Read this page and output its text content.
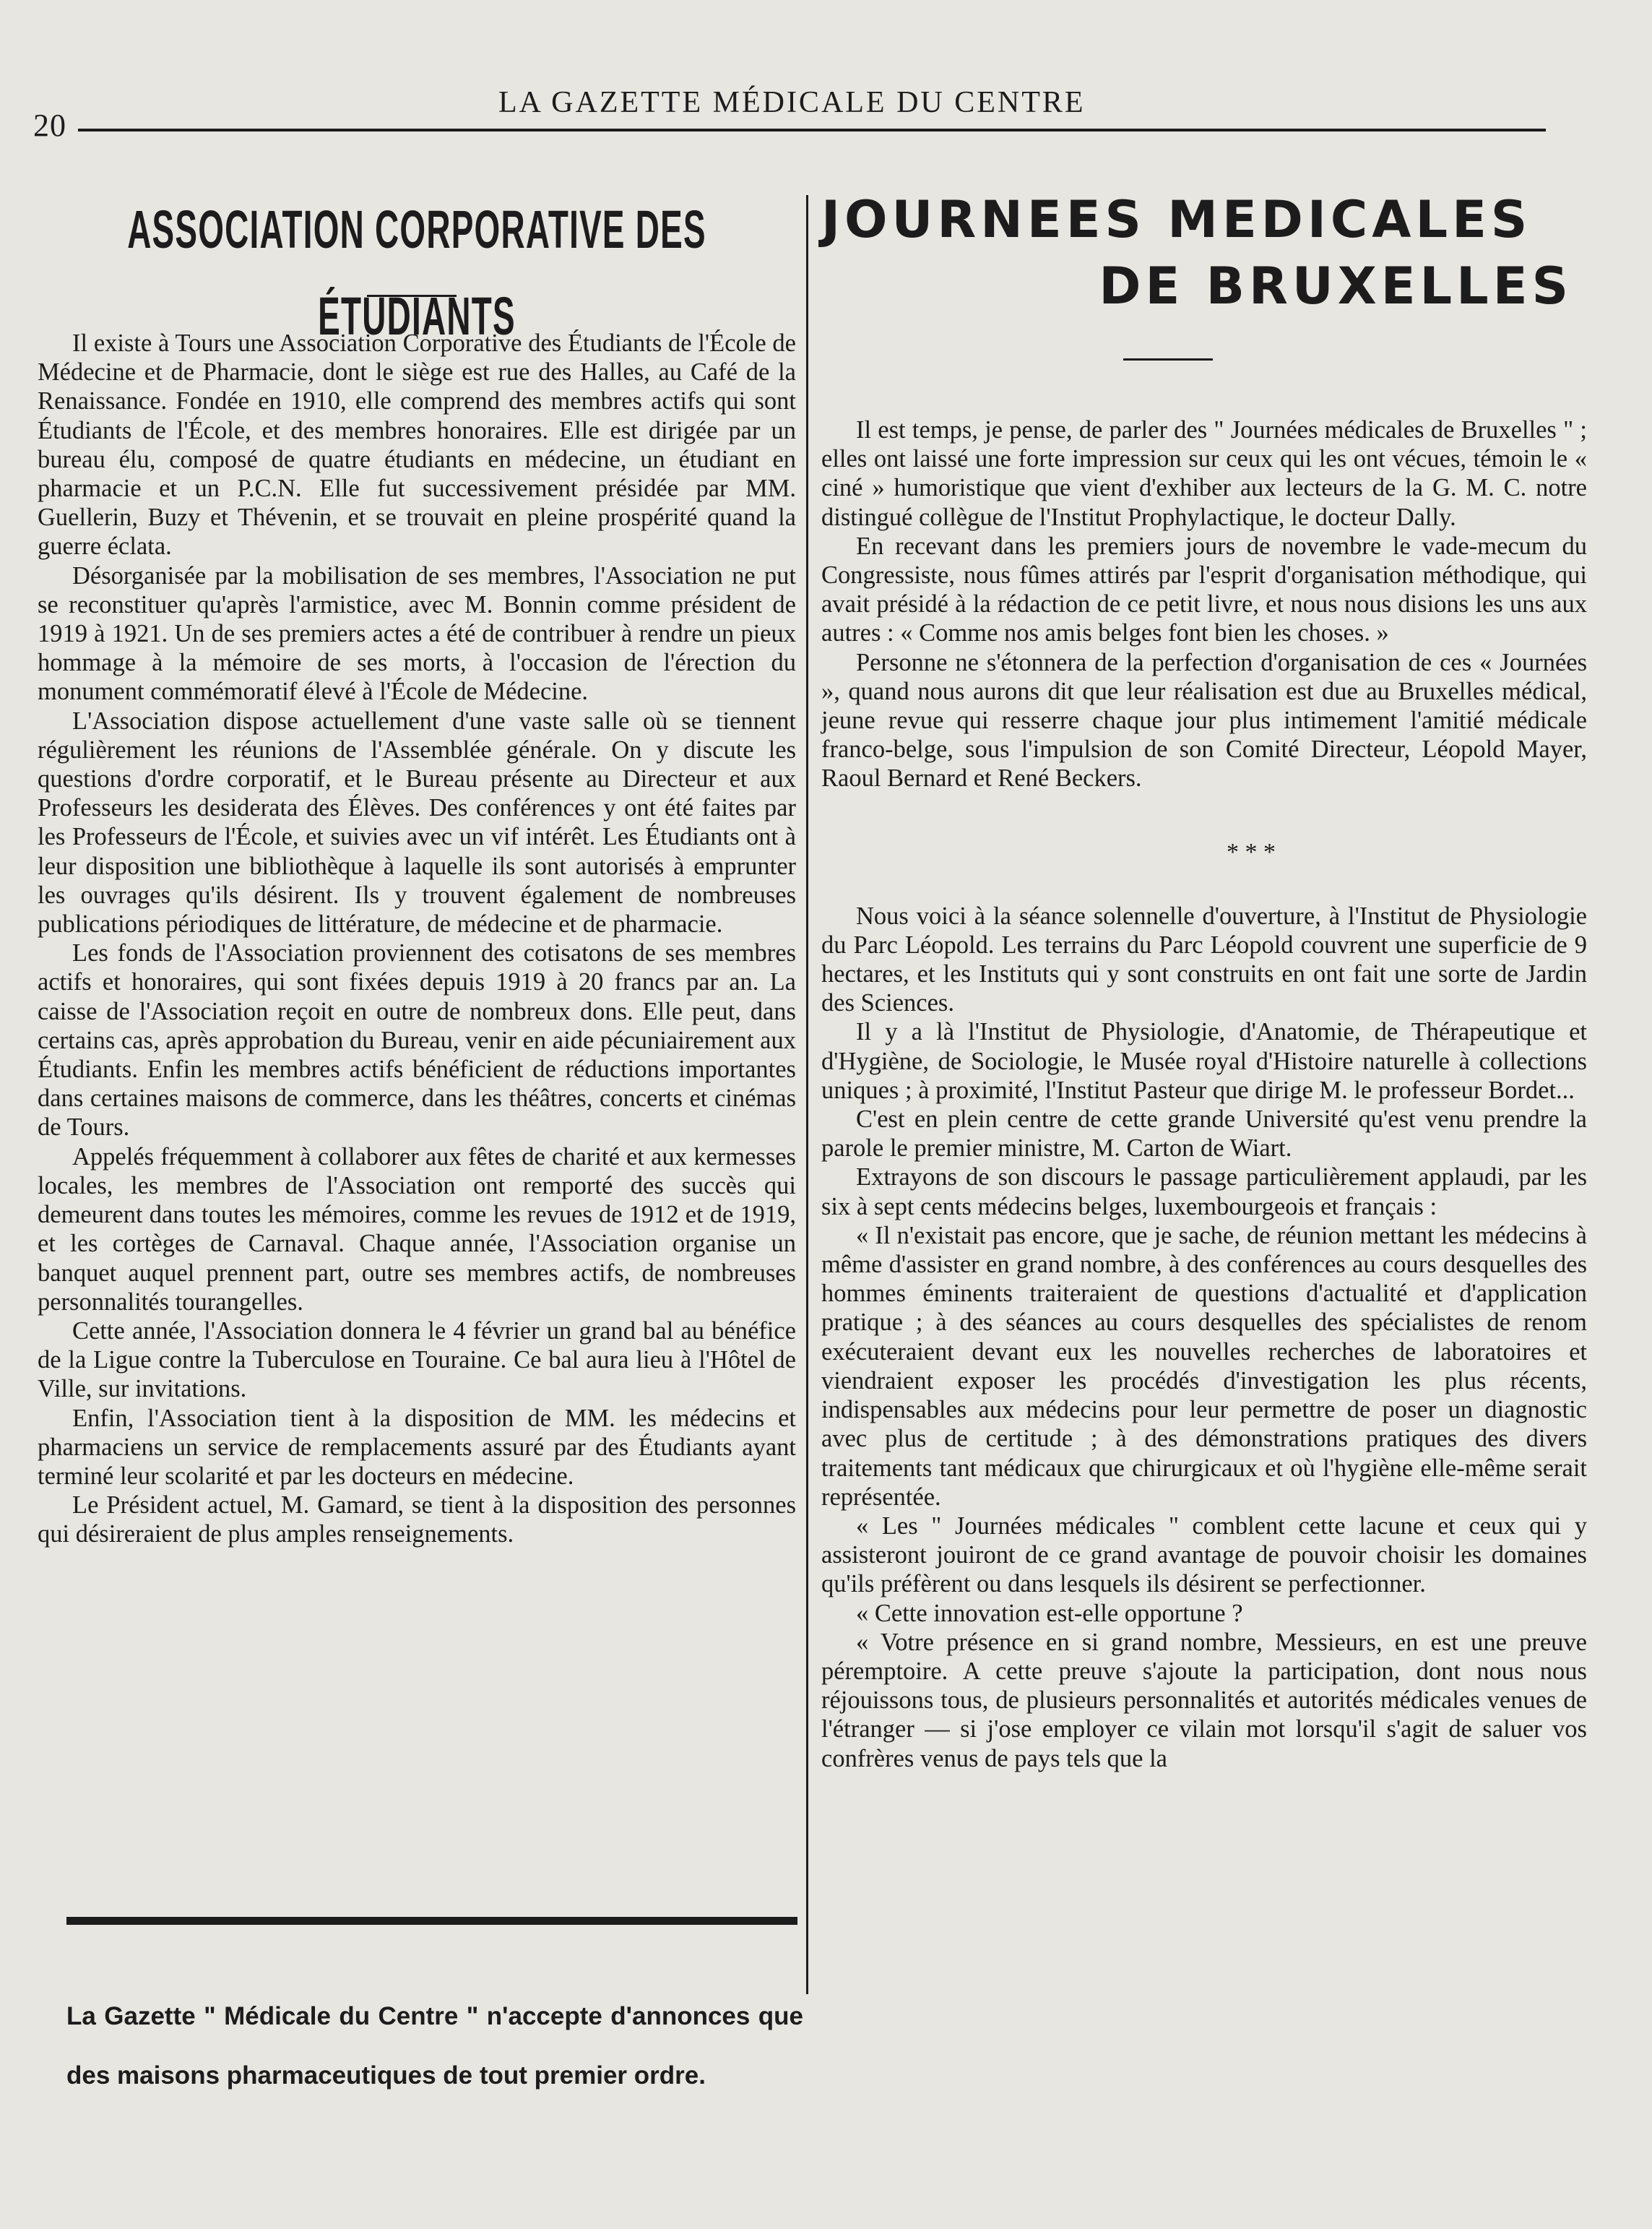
20
LA GAZETTE MÉDICALE DU CENTRE
ASSOCIATION CORPORATIVE DES ÉTUDIANTS

Il existe à Tours une Association Corporative des Étudiants de l'École de Médecine et de Pharmacie, dont le siège est rue des Halles, au Café de la Renaissance. Fondée en 1910, elle comprend des membres actifs qui sont Étudiants de l'École, et des membres honoraires. Elle est dirigée par un bureau élu, composé de quatre étudiants en médecine, un étudiant en pharmacie et un P.C.N. Elle fut successivement présidée par MM. Guellerin, Buzy et Thévenin, et se trouvait en pleine prospérité quand la guerre éclata.

Désorganisée par la mobilisation de ses membres, l'Association ne put se reconstituer qu'après l'armistice, avec M. Bonnin comme président de 1919 à 1921. Un de ses premiers actes a été de contribuer à rendre un pieux hommage à la mémoire de ses morts, à l'occasion de l'érection du monument commémoratif élevé à l'École de Médecine.

L'Association dispose actuellement d'une vaste salle où se tiennent régulièrement les réunions de l'Assemblée générale. On y discute les questions d'ordre corporatif, et le Bureau présente au Directeur et aux Professeurs les desiderata des Élèves. Des conférences y ont été faites par les Professeurs de l'École, et suivies avec un vif intérêt. Les Étudiants ont à leur disposition une bibliothèque à laquelle ils sont autorisés à emprunter les ouvrages qu'ils désirent. Ils y trouvent également de nombreuses publications périodiques de littérature, de médecine et de pharmacie.

Les fonds de l'Association proviennent des cotisatons de ses membres actifs et honoraires, qui sont fixées depuis 1919 à 20 francs par an. La caisse de l'Association reçoit en outre de nombreux dons. Elle peut, dans certains cas, après approbation du Bureau, venir en aide pécuniairement aux Étudiants. Enfin les membres actifs bénéficient de réductions importantes dans certaines maisons de commerce, dans les théâtres, concerts et cinémas de Tours.

Appelés fréquemment à collaborer aux fêtes de charité et aux kermesses locales, les membres de l'Association ont remporté des succès qui demeurent dans toutes les mémoires, comme les revues de 1912 et de 1919, et les cortèges de Carnaval. Chaque année, l'Association organise un banquet auquel prennent part, outre ses membres actifs, de nombreuses personnalités tourangelles.

Cette année, l'Association donnera le 4 février un grand bal au bénéfice de la Ligue contre la Tuberculose en Touraine. Ce bal aura lieu à l'Hôtel de Ville, sur invitations.

Enfin, l'Association tient à la disposition de MM. les médecins et pharmaciens un service de remplacements assuré par des Étudiants ayant terminé leur scolarité et par les docteurs en médecine.

Le Président actuel, M. Gamard, se tient à la disposition des personnes qui désireraient de plus amples renseignements.

La Gazette " Médicale du Centre " n'accepte d'annonces que des maisons pharmaceutiques de tout premier ordre.
JOURNEES MEDICALES
DE BRUXELLES

Il est temps, je pense, de parler des " Journées médicales de Bruxelles " ; elles ont laissé une forte impression sur ceux qui les ont vécues, témoin le « ciné » humoristique que vient d'exhiber aux lecteurs de la G. M. C. notre distingué collègue de l'Institut Prophylactique, le docteur Dally.

En recevant dans les premiers jours de novembre le vade-mecum du Congressiste, nous fûmes attirés par l'esprit d'organisation méthodique, qui avait présidé à la rédaction de ce petit livre, et nous nous disions les uns aux autres : « Comme nos amis belges font bien les choses. »

Personne ne s'étonnera de la perfection d'organisation de ces « Journées », quand nous aurons dit que leur réalisation est due au Bruxelles médical, jeune revue qui resserre chaque jour plus intimement l'amitié médicale franco-belge, sous l'impulsion de son Comité Directeur, Léopold Mayer, Raoul Bernard et René Beckers.

* * *

Nous voici à la séance solennelle d'ouverture, à l'Institut de Physiologie du Parc Léopold. Les terrains du Parc Léopold couvrent une superficie de 9 hectares, et les Instituts qui y sont construits en ont fait une sorte de Jardin des Sciences.

Il y a là l'Institut de Physiologie, d'Anatomie, de Thérapeutique et d'Hygiène, de Sociologie, le Musée royal d'Histoire naturelle à collections uniques ; à proximité, l'Institut Pasteur que dirige M. le professeur Bordet...

C'est en plein centre de cette grande Université qu'est venu prendre la parole le premier ministre, M. Carton de Wiart.

Extrayons de son discours le passage particulièrement applaudi, par les six à sept cents médecins belges, luxembourgeois et français :

« Il n'existait pas encore, que je sache, de réunion mettant les médecins à même d'assister en grand nombre, à des conférences au cours desquelles des hommes éminents traiteraient de questions d'actualité et d'application pratique ; à des séances au cours desquelles des spécialistes de renom exécuteraient devant eux les nouvelles recherches de laboratoires et viendraient exposer les procédés d'investigation les plus récents, indispensables aux médecins pour leur permettre de poser un diagnostic avec plus de certitude ; à des démonstrations pratiques des divers traitements tant médicaux que chirurgicaux et où l'hygiène elle-même serait représentée.

« Les " Journées médicales " comblent cette lacune et ceux qui y assisteront jouiront de ce grand avantage de pouvoir choisir les domaines qu'ils préfèrent ou dans lesquels ils désirent se perfectionner.

« Cette innovation est-elle opportune ?

« Votre présence en si grand nombre, Messieurs, en est une preuve péremptoire. A cette preuve s'ajoute la participation, dont nous nous réjouissons tous, de plusieurs personnalités et autorités médicales venues de l'étranger — si j'ose employer ce vilain mot lorsqu'il s'agit de saluer vos confrères venus de pays tels que la
